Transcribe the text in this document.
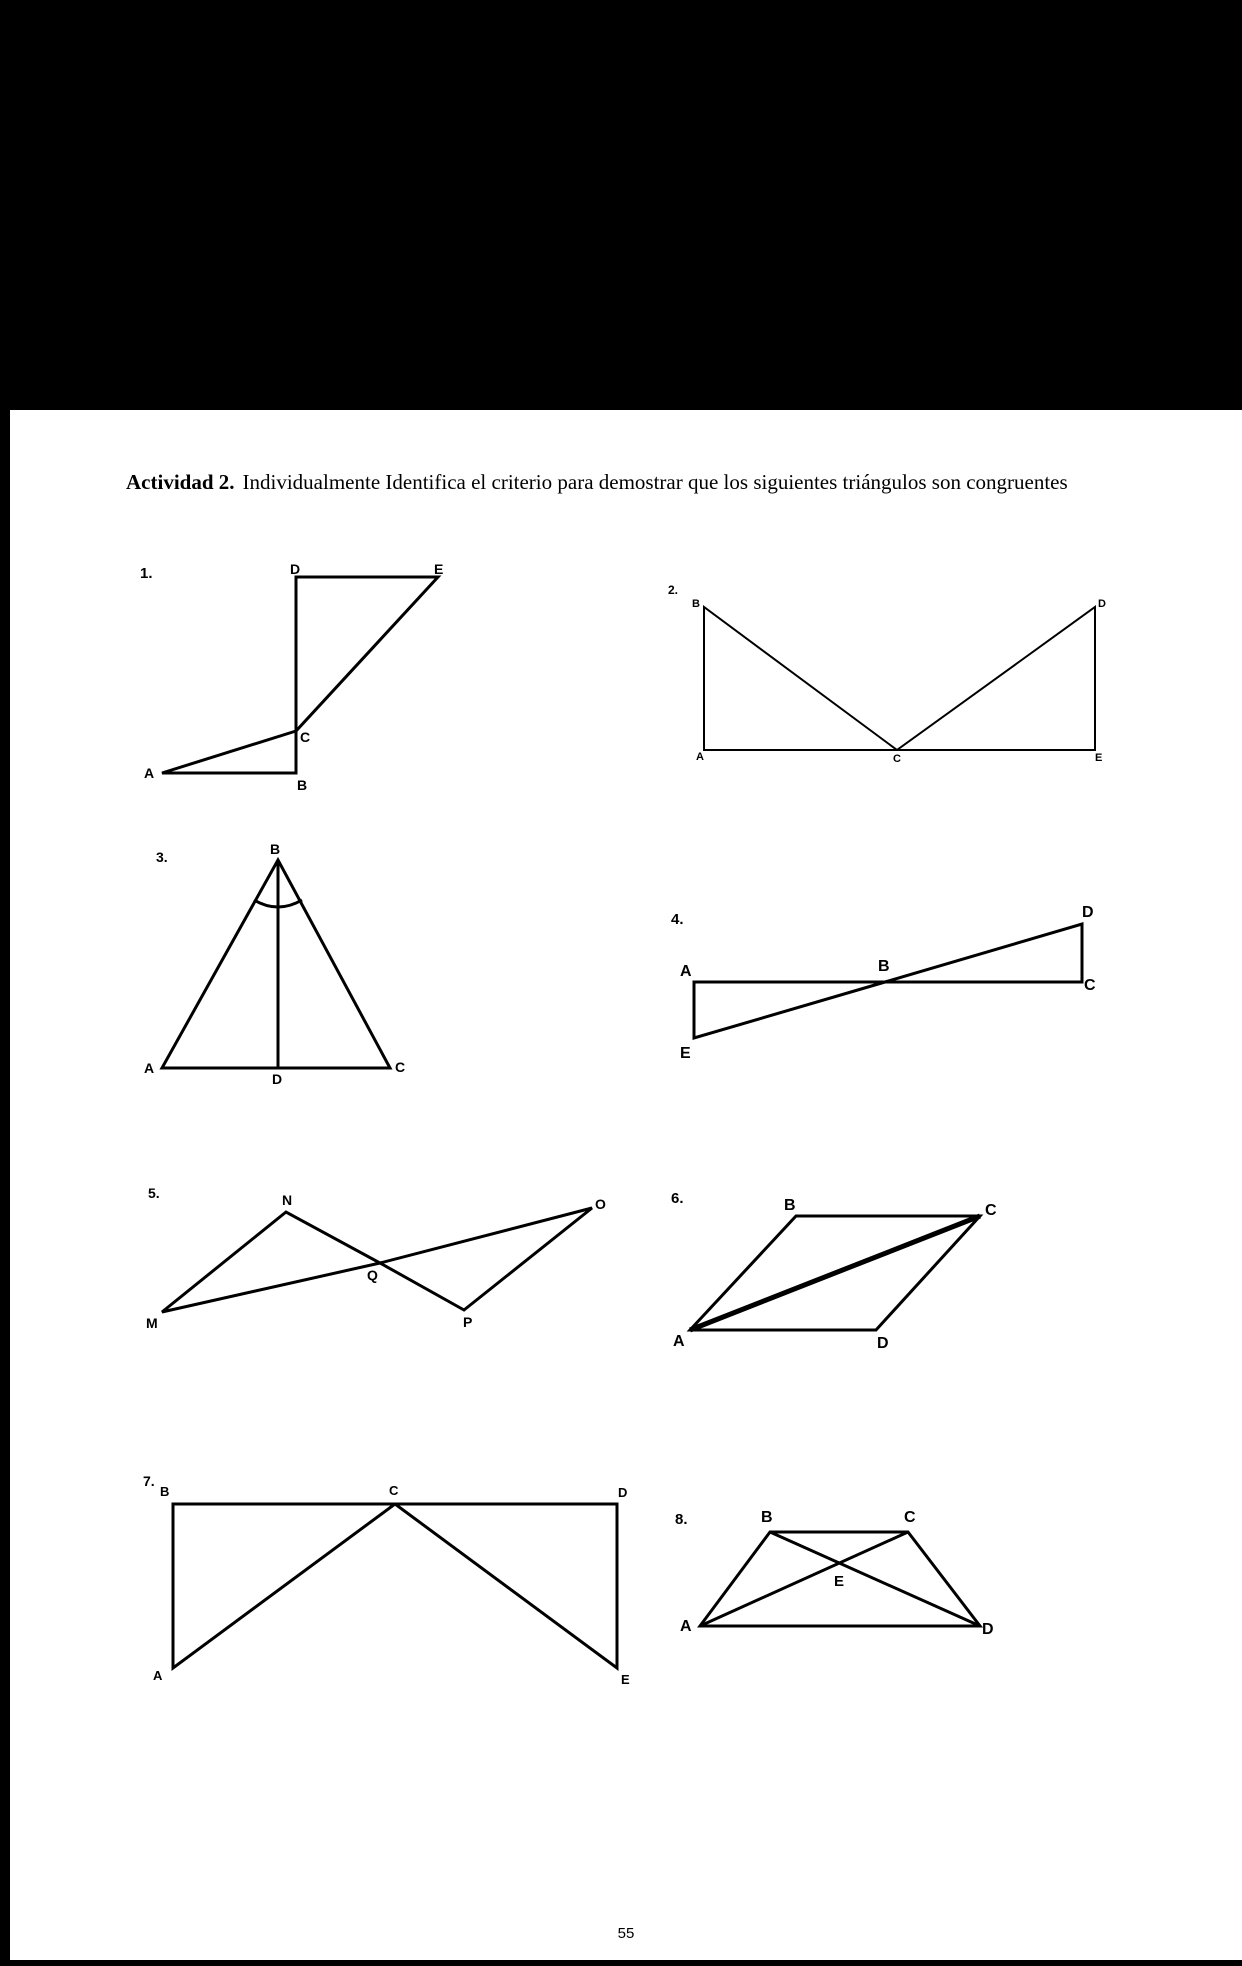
Actividad 2. Individualmente Identifica el criterio para demostrar que los siguientes triángulos son congruentes
1.	D	E
C
A
B
2.
B	D
A	C	E
3.	B
A
D
C
4.	D
A	B
C
E
5.	N	O
Q
M	P
6.	B	C
A	D
7.
B	C	D
A	E
8.	B	C
E
A	D
55
